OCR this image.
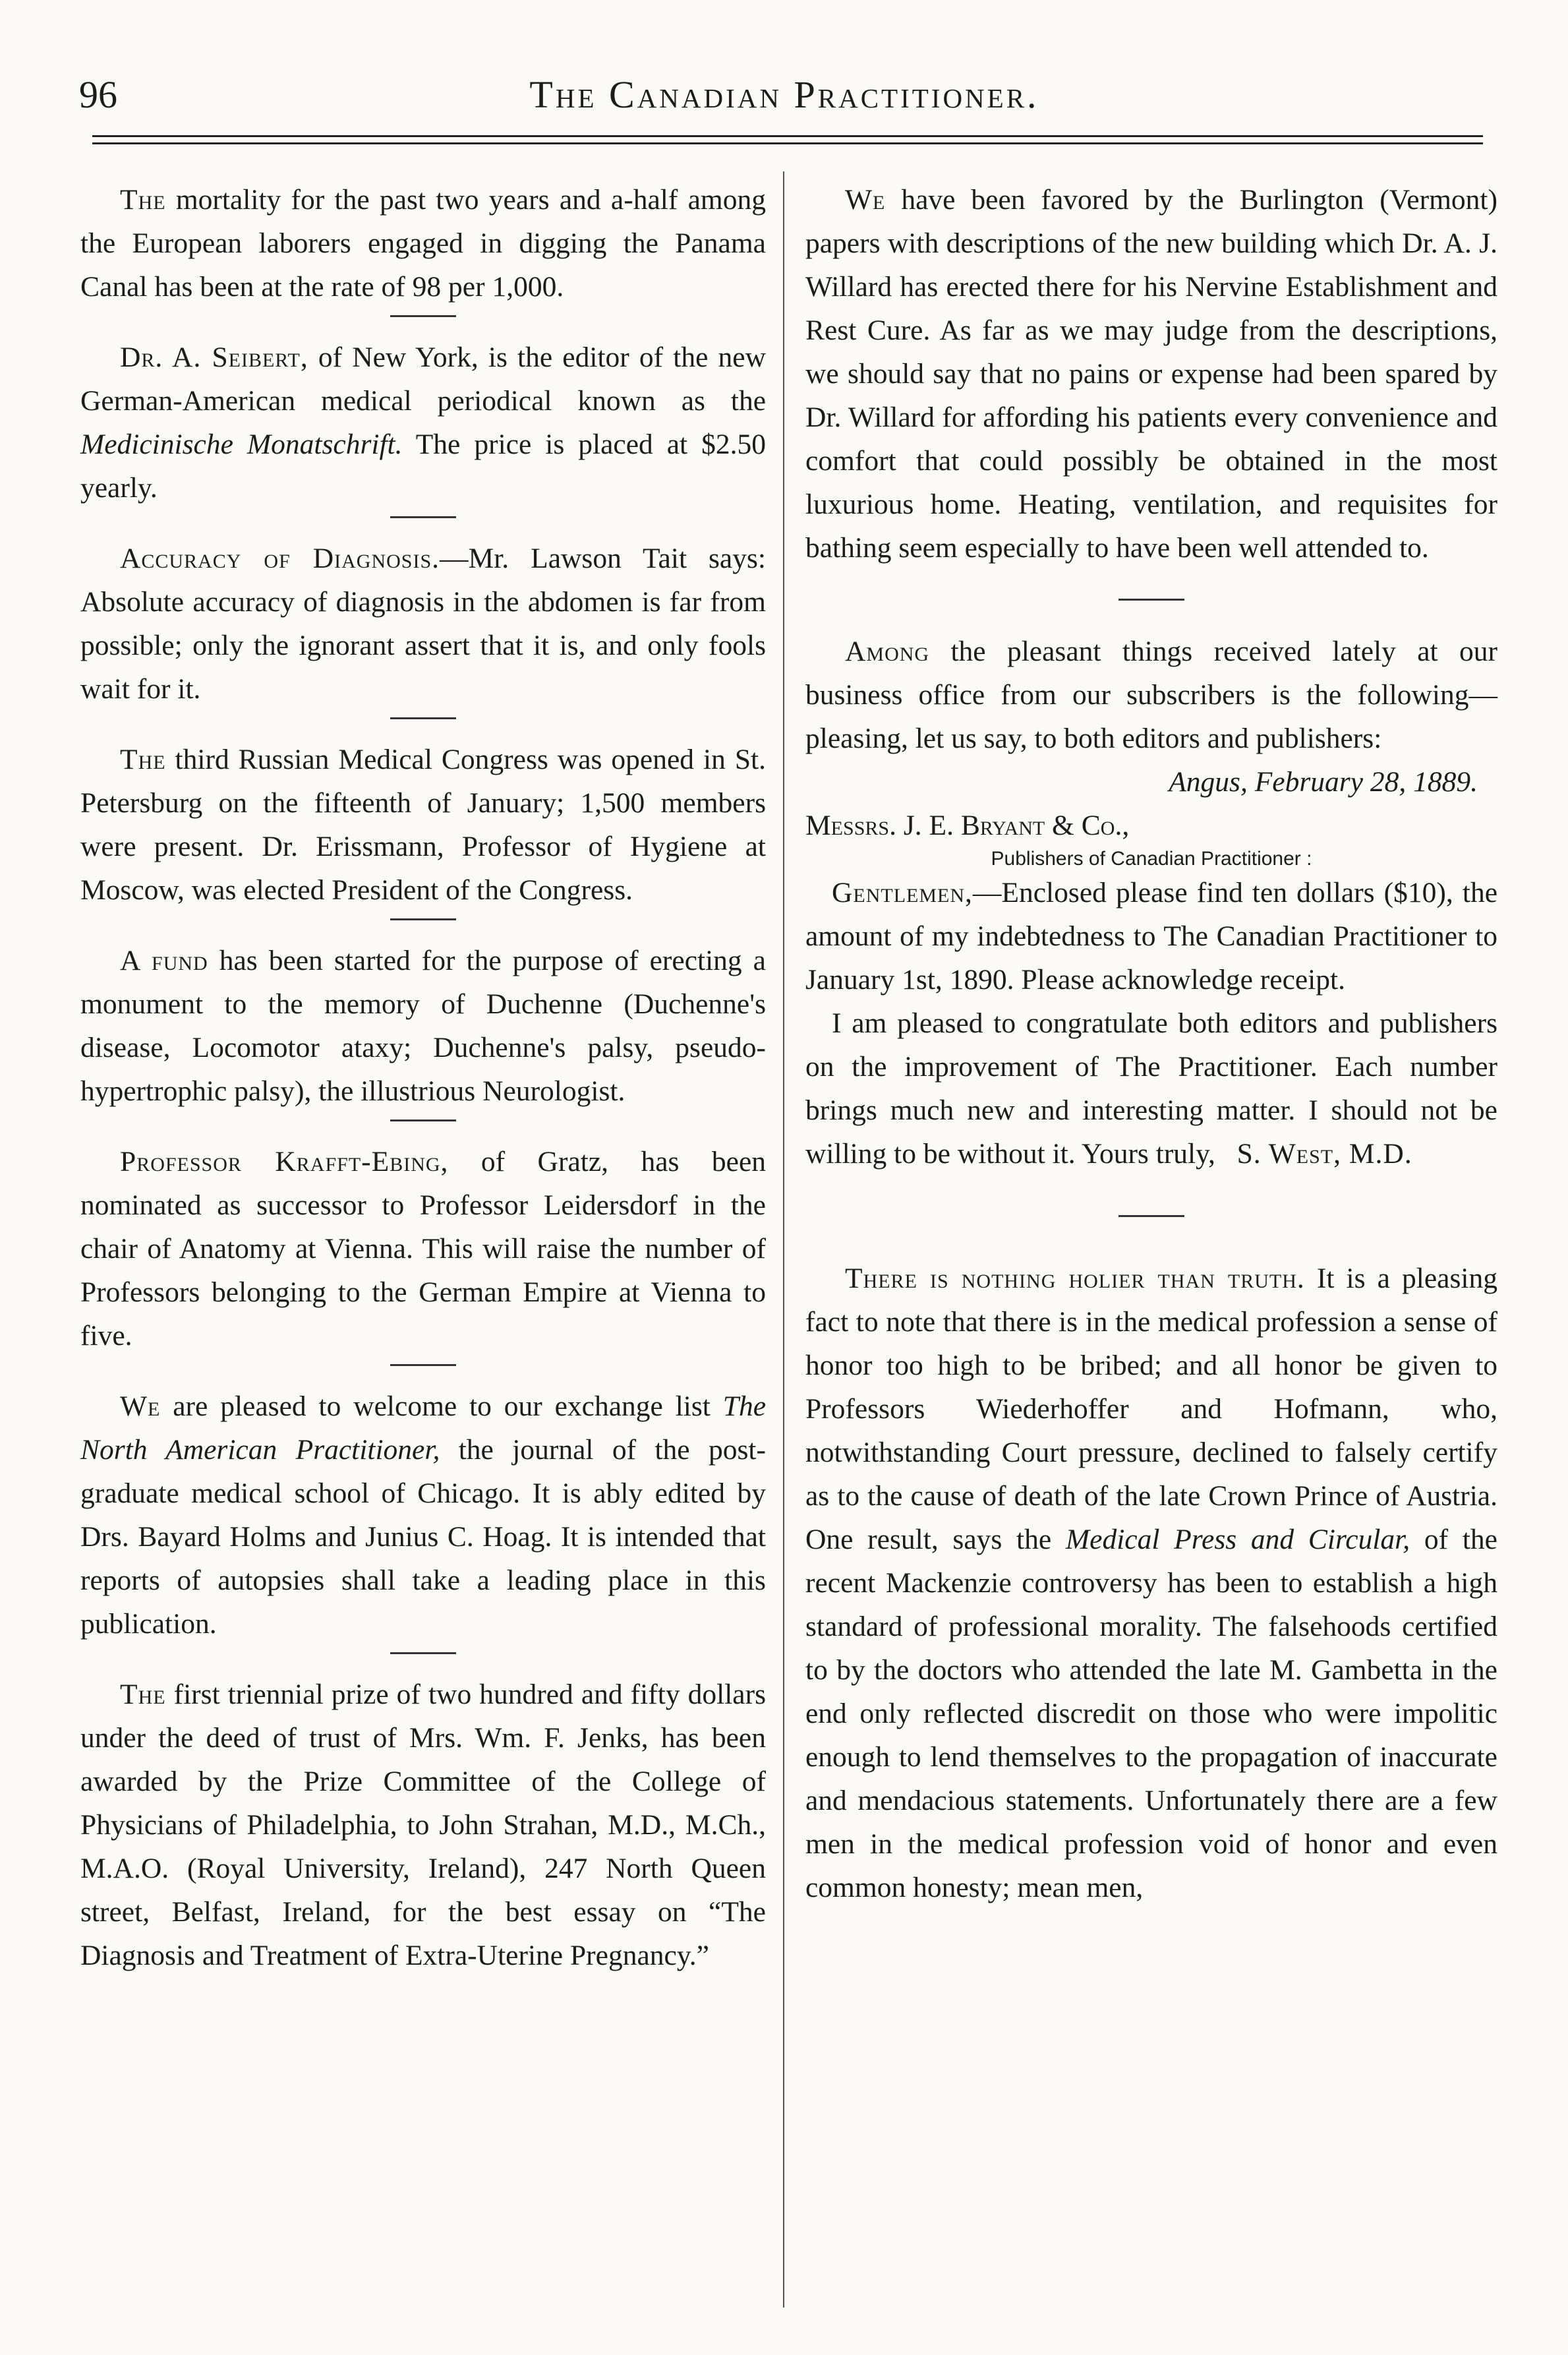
96	The Canadian Practitioner.

The mortality for the past two years and a-half among the European laborers engaged in digging the Panama Canal has been at the rate of 98 per 1,000.

Dr. A. Seibert, of New York, is the editor of the new German-American medical periodical known as the Medicinische Monatschrift. The price is placed at $2.50 yearly.

Accuracy of Diagnosis.—Mr. Lawson Tait says: Absolute accuracy of diagnosis in the abdomen is far from possible; only the ignorant assert that it is, and only fools wait for it.

The third Russian Medical Congress was opened in St. Petersburg on the fifteenth of January; 1,500 members were present. Dr. Erissmann, Professor of Hygiene at Moscow, was elected President of the Congress.

A fund has been started for the purpose of erecting a monument to the memory of Duchenne (Duchenne's disease, Locomotor ataxy; Duchenne's palsy, pseudo-hypertrophic palsy), the illustrious Neurologist.

Professor Krafft-Ebing, of Gratz, has been nominated as successor to Professor Leidersdorf in the chair of Anatomy at Vienna. This will raise the number of Professors belonging to the German Empire at Vienna to five.

We are pleased to welcome to our exchange list The North American Practitioner, the journal of the post-graduate medical school of Chicago. It is ably edited by Drs. Bayard Holms and Junius C. Hoag. It is intended that reports of autopsies shall take a leading place in this publication.

The first triennial prize of two hundred and fifty dollars under the deed of trust of Mrs. Wm. F. Jenks, has been awarded by the Prize Committee of the College of Physicians of Philadelphia, to John Strahan, M.D., M.Ch., M.A.O. (Royal University, Ireland), 247 North Queen street, Belfast, Ireland, for the best essay on “The Diagnosis and Treatment of Extra-Uterine Pregnancy.”

We have been favored by the Burlington (Vermont) papers with descriptions of the new building which Dr. A. J. Willard has erected there for his Nervine Establishment and Rest Cure. As far as we may judge from the descriptions, we should say that no pains or expense had been spared by Dr. Willard for affording his patients every convenience and comfort that could possibly be obtained in the most luxurious home. Heating, ventilation, and requisites for bathing seem especially to have been well attended to.

Among the pleasant things received lately at our business office from our subscribers is the following—pleasing, let us say, to both editors and publishers:

Angus, February 28, 1889.

Messrs. J. E. Bryant & Co.,

Publishers of Canadian Practitioner :

Gentlemen,—Enclosed please find ten dollars ($10), the amount of my indebtedness to The Canadian Practitioner to January 1st, 1890. Please acknowledge receipt.

I am pleased to congratulate both editors and publishers on the improvement of The Practitioner. Each number brings much new and interesting matter. I should not be willing to be without it. Yours truly, S. West, M.D.

There is nothing holier than truth. It is a pleasing fact to note that there is in the medical profession a sense of honor too high to be bribed; and all honor be given to Professors Wiederhoffer and Hofmann, who, notwithstanding Court pressure, declined to falsely certify as to the cause of death of the late Crown Prince of Austria. One result, says the Medical Press and Circular, of the recent Mackenzie controversy has been to establish a high standard of professional morality. The falsehoods certified to by the doctors who attended the late M. Gambetta in the end only reflected discredit on those who were impolitic enough to lend themselves to the propagation of inaccurate and mendacious statements. Unfortunately there are a few men in the medical profession void of honor and even common honesty; mean men,
